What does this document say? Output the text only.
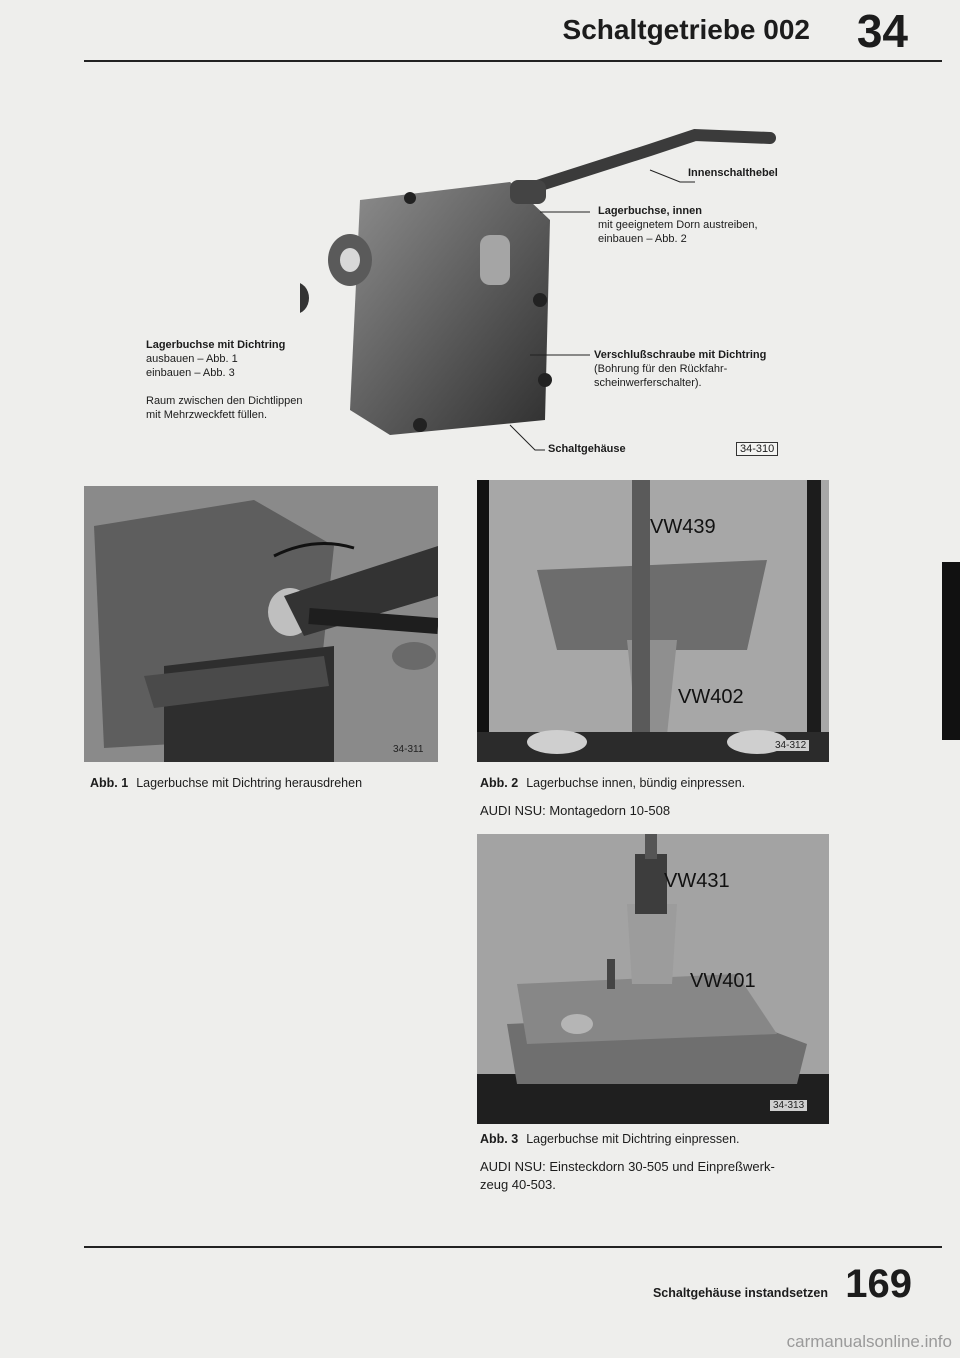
Schaltgetriebe 002 34
Innenschalthebel
Lagerbuchse, innen
mit geeignetem Dorn austreiben,
einbauen – Abb. 2
Lagerbuchse mit Dichtring
ausbauen – Abb. 1
einbauen – Abb. 3

Raum zwischen den Dichtlippen
mit Mehrzweckfett füllen.
Verschlußschraube mit Dichtring
(Bohrung für den Rückfahr-
scheinwerferschalter).
Schaltgehäuse	34-310
34-311
Abb. 1 Lagerbuchse mit Dichtring herausdrehen
VW439
VW402
34-312
Abb. 2 Lagerbuchse innen, bündig einpressen.
AUDI NSU: Montagedorn 10-508
VW431
VW401
34-313
Abb. 3 Lagerbuchse mit Dichtring einpressen.
AUDI NSU: Einsteckdorn 30-505 und Einpreßwerk-
zeug 40-503.
Schaltgehäuse instandsetzen 169
carmanualsonline.info
